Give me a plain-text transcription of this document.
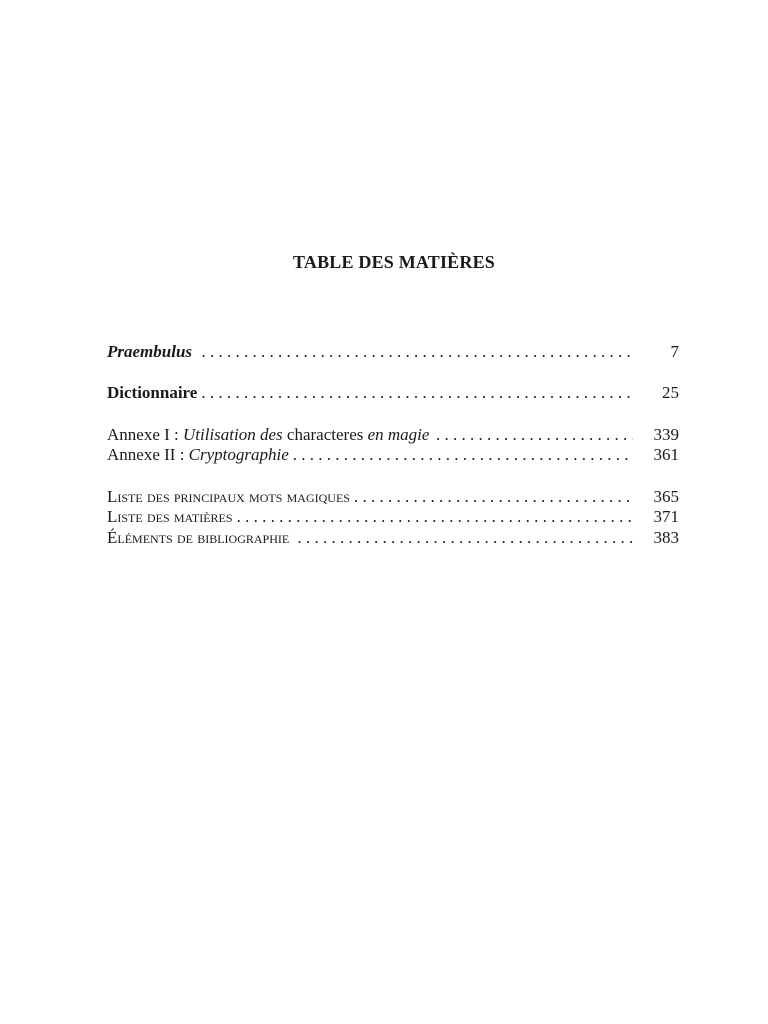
TABLE DES MATIÈRES
Praembulus . . .	7
Dictionnaire . . .	25
Annexe I : Utilisation des characteres en magie . . .	339
Annexe II : Cryptographie . . .	361
Liste des principaux mots magiques . . .	365
Liste des matières . . .	371
Éléments de bibliographie . . .	383
